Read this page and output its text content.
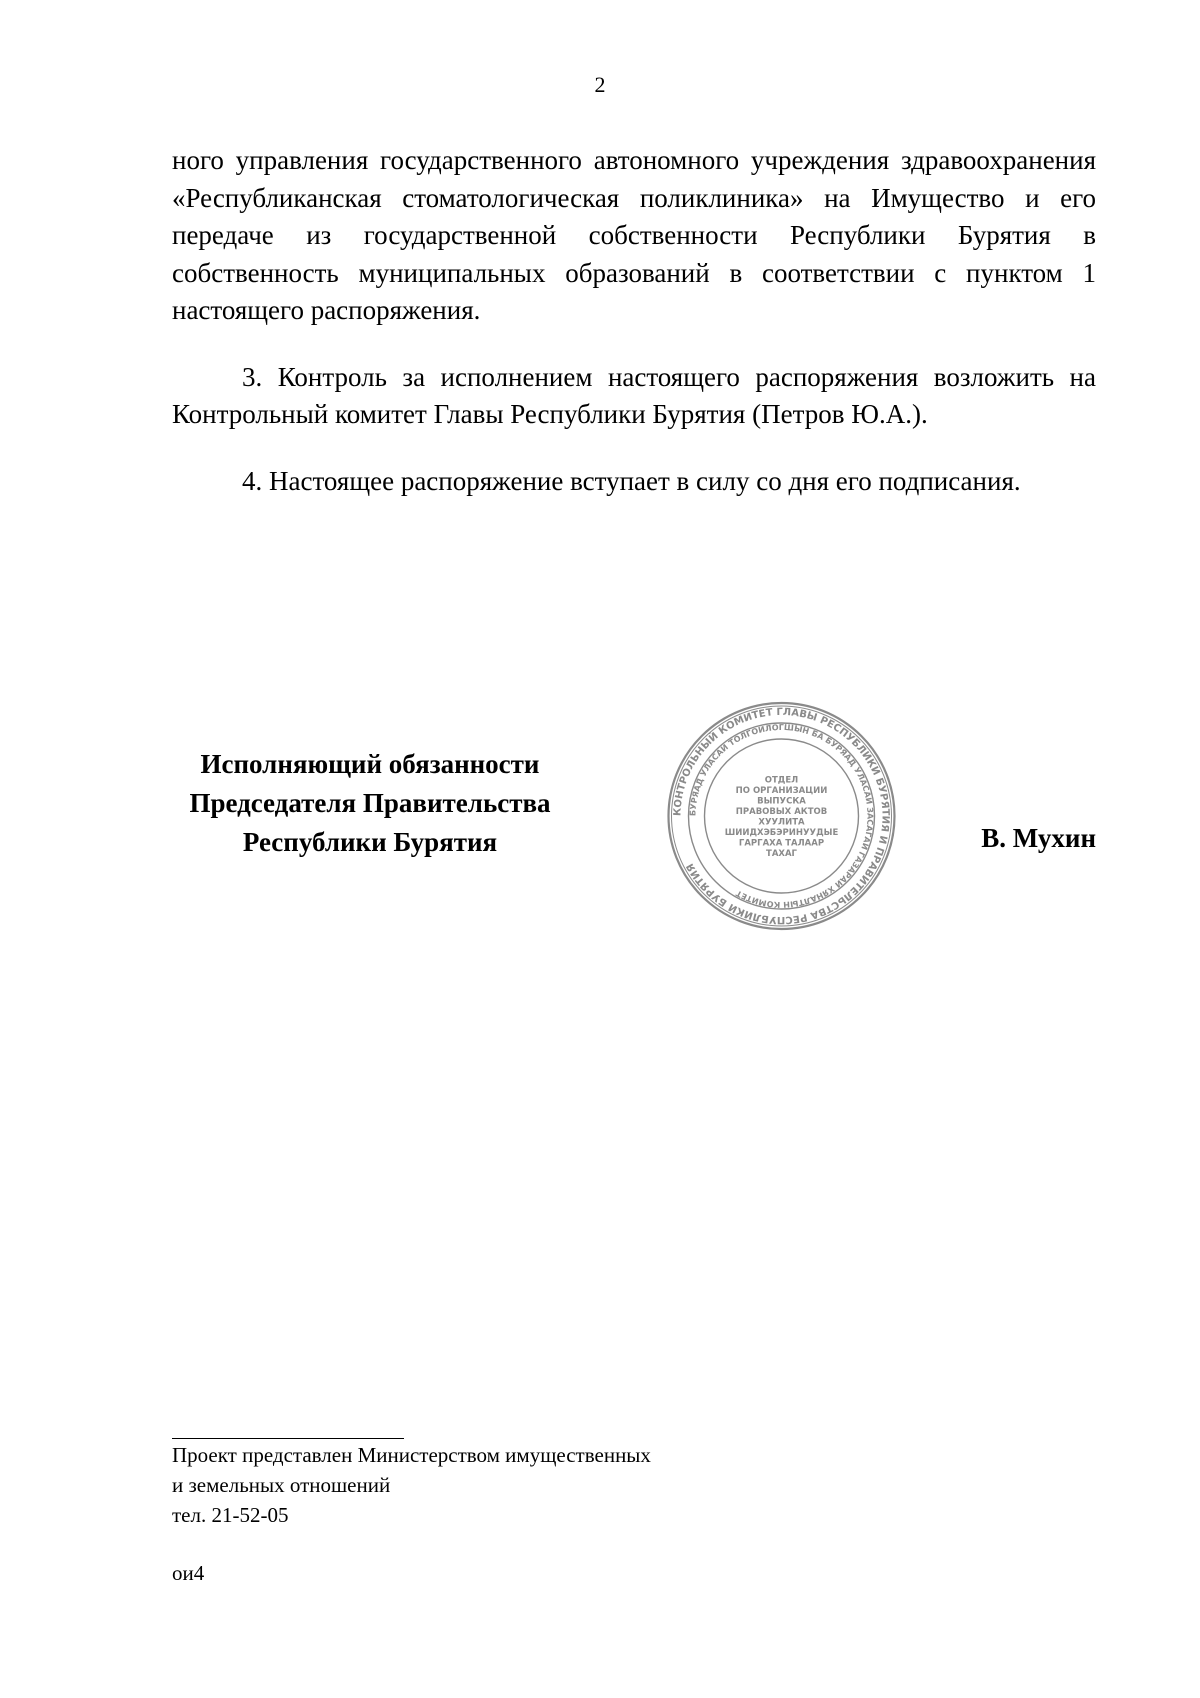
2

ного управления государственного автономного учреждения здравоохранения «Республиканская стоматологическая поликлиника» на Имущество и его передаче из государственной собственности Республики Бурятия в собственность муниципальных образований в соответствии с пунктом 1 настоящего распоряжения.

3. Контроль за исполнением настоящего распоряжения возложить на Контрольный комитет Главы Республики Бурятия (Петров Ю.А.).

4. Настоящее распоряжение вступает в силу со дня его подписания.

Исполняющий обязанности
Председателя Правительства
Республики Бурятия
КОНТРОЛЬНЫЙ КОМИТЕТ ГЛАВЫ РЕСПУБЛИКИ БУРЯТИЯ И ПРАВИТЕЛЬСТВА РЕСПУБЛИКИ БУРЯТИЯ
БУРЯАД УЛАСАЙ ТОЛГОЙЛОГШЫН БА БУРЯАД УЛАСАЙ ЗАСАГАЙ ГАЗАРАЙ ХЯНАЛТЫН КОМИТЕТ
ОТДЕЛ
ПО ОРГАНИЗАЦИИ
ВЫПУСКА
ПРАВОВЫХ АКТОВ
ХУУЛИТА
ШИИДХЭБЭРИНУУДЫЕ
ГАРГАХА ТАЛААР
ТАХАГ
В. Мухин
Проект представлен Министерством имущественных
и земельных отношений
тел. 21-52-05
ои4
